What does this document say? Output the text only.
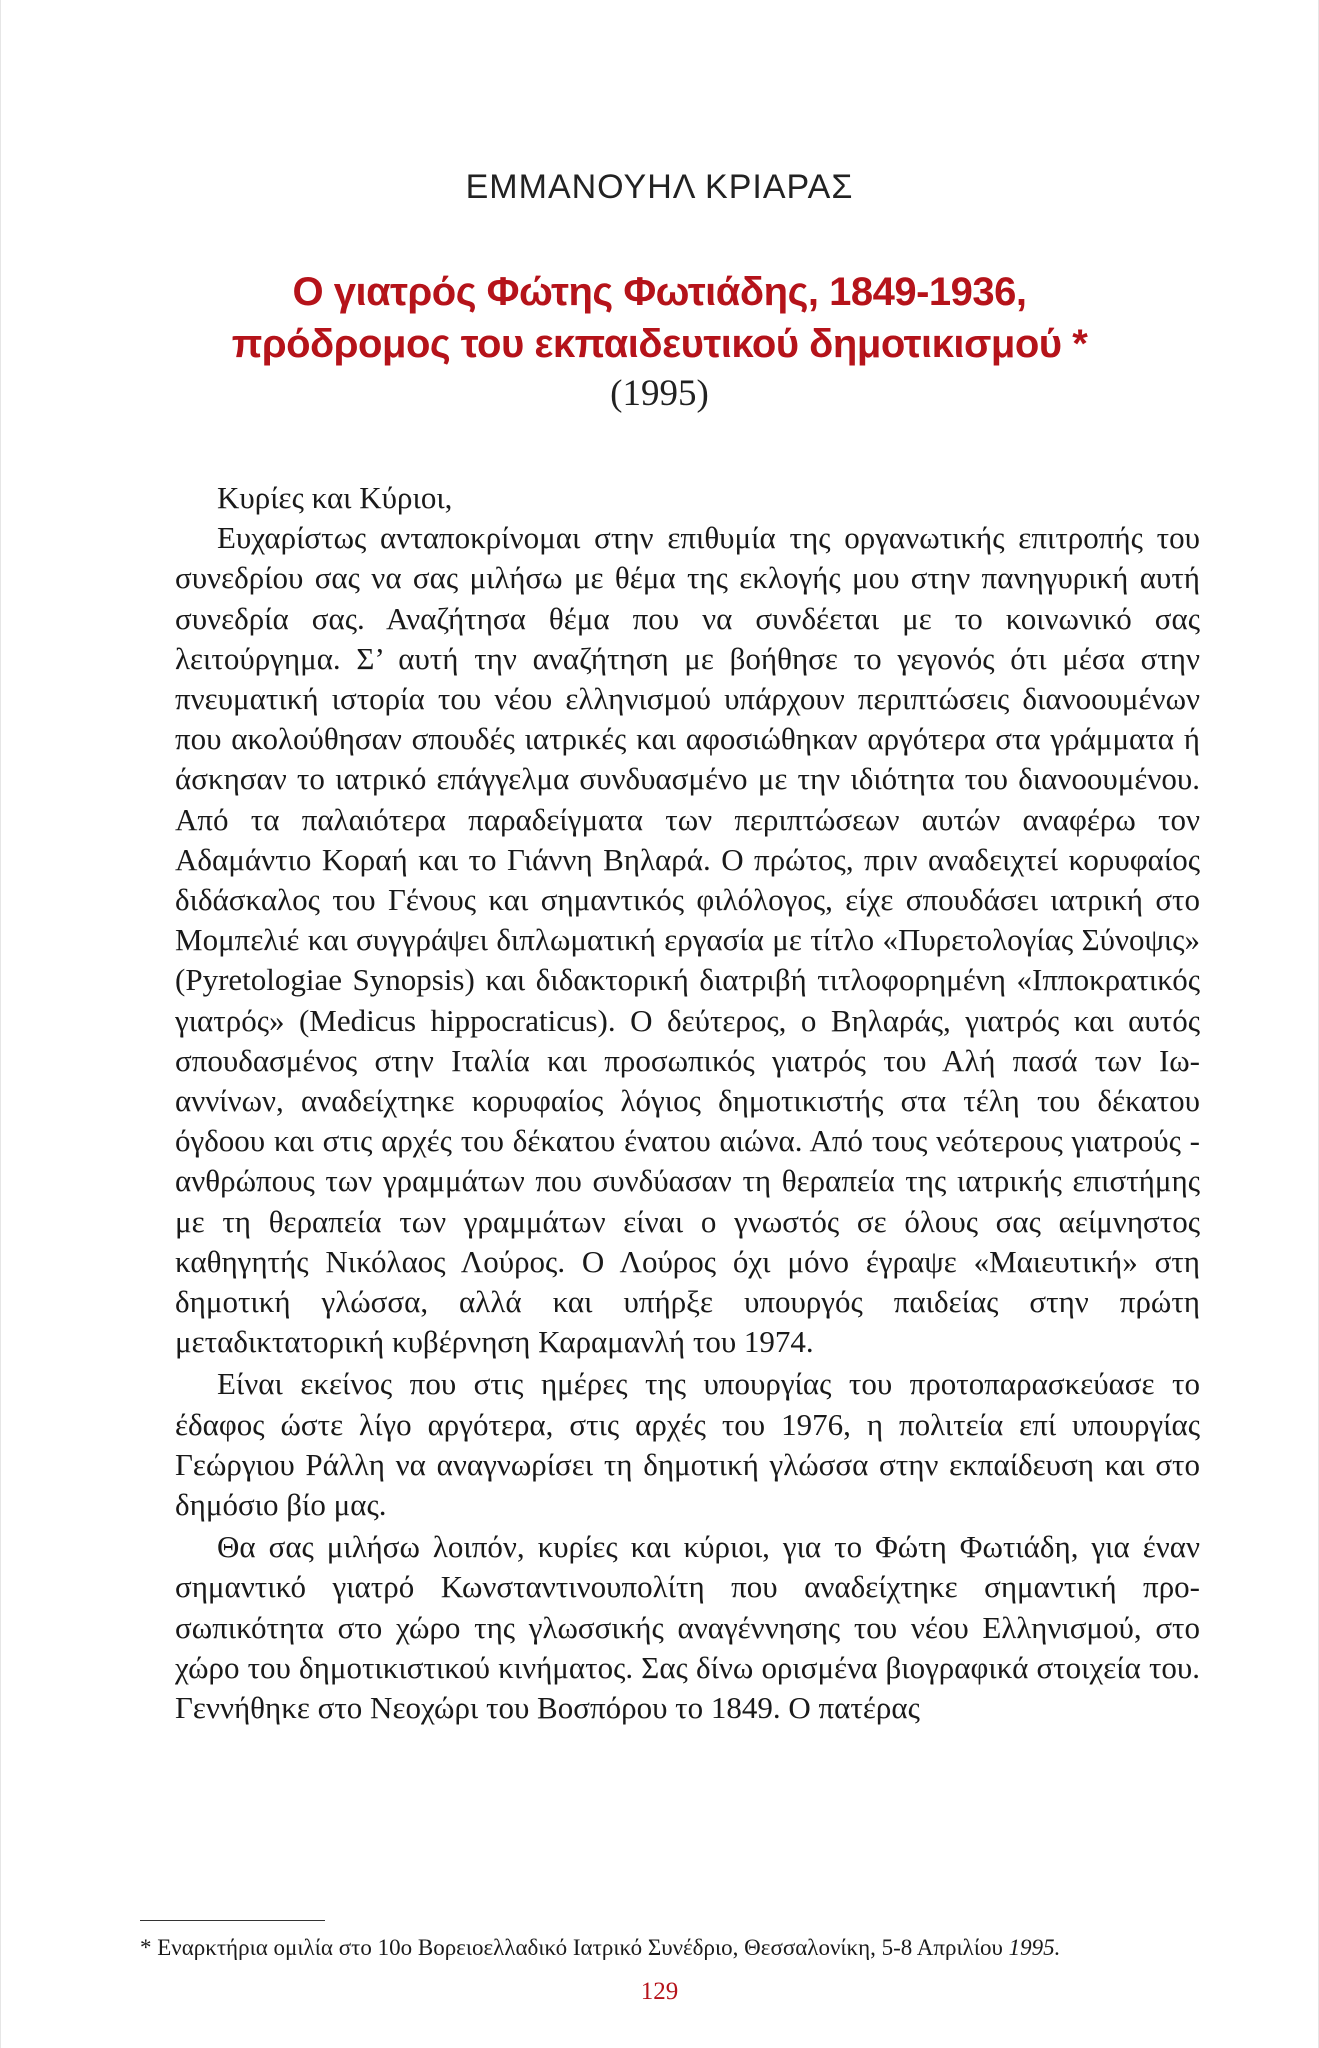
ΕΜΜΑΝΟΥΗΛ ΚΡΙΑΡΑΣ
Ο γιατρός Φώτης Φωτιάδης, 1849-1936,
πρόδρομος του εκπαιδευτικού δημοτικισμού *
(1995)

Κυρίες και Κύριοι,

Ευχαρίστως ανταποκρίνομαι στην επιθυμία της οργανωτικής επιτροπής του συνεδρίου σας να σας μιλήσω με θέμα της εκλογής μου στην πανηγυρική αυτή συνεδρία σας. Αναζήτησα θέμα που να συνδέεται με το κοινωνικό σας λειτούργημα. Σ’ αυτή την αναζήτηση με βοήθησε το γεγονός ότι μέσα στην πνευματική ιστορία του νέου ελληνισμού υπάρχουν περιπτώσεις διανοουμένων που ακολούθησαν σπουδές ιατρικές και αφοσιώθηκαν αργότερα στα γράμματα ή άσκησαν το ιατρικό επάγγελμα συνδυασμένο με την ιδιότητα του διανοουμένου. Από τα παλαιότερα παραδείγματα των περιπτώσεων αυτών αναφέρω τον Αδαμάντιο Κοραή και το Γιάννη Βηλαρά. Ο πρώτος, πριν αναδειχτεί κορυφαίος διδάσκαλος του Γένους και σημαντικός φιλόλογος, είχε σπουδάσει ιατρική στο Μομπελιέ και συγγράψει διπλωματική εργασία με τίτλο «Πυρετολογίας Σύνοψις» (Pyretologiae Synopsis) και διδακτορική διατριβή τιτλοφορημένη «Ιπποκρατικός γιατρός» (Medicus hippocraticus). Ο δεύτερος, ο Βηλαράς, γιατρός και αυτός σπουδασμένος στην Ιταλία και προσωπικός γιατρός του Αλή πασά των Ιωαννίνων, αναδείχτηκε κορυφαίος λόγιος δημοτικιστής στα τέλη του δέκατου όγδοου και στις αρχές του δέκατου ένατου αιώνα. Από τους νεότερους γιατρούς - ανθρώπους των γραμμάτων που συνδύασαν τη θεραπεία της ιατρικής επιστήμης με τη θεραπεία των γραμμάτων είναι ο γνωστός σε όλους σας αείμνηστος καθηγητής Νικόλαος Λούρος. Ο Λούρος όχι μόνο έγραψε «Μαιευτική» στη δημοτική γλώσσα, αλλά και υπήρξε υπουργός παιδείας στην πρώτη μεταδικτατορική κυβέρνηση Καραμανλή του 1974.

Είναι εκείνος που στις ημέρες της υπουργίας του προτοπαρασκεύασε το έδαφος ώστε λίγο αργότερα, στις αρχές του 1976, η πολιτεία επί υπουργίας Γεώργιου Ράλλη να αναγνωρίσει τη δημοτική γλώσσα στην εκπαίδευση και στο δημόσιο βίο μας.

Θα σας μιλήσω λοιπόν, κυρίες και κύριοι, για το Φώτη Φωτιάδη, για έναν σημαντικό γιατρό Κωνσταντινουπολίτη που αναδείχτηκε σημαντική προσωπικότητα στο χώρο της γλωσσικής αναγέννησης του νέου Ελληνισμού, στο χώρο του δημοτικιστικού κινήματος. Σας δίνω ορισμένα βιογραφικά στοιχεία του. Γεννήθηκε στο Νεοχώρι του Βοσπόρου το 1849. Ο πατέρας

* Εναρκτήρια ομιλία στο 10ο Βορειοελλαδικό Ιατρικό Συνέδριο, Θεσσαλονίκη, 5-8 Απριλίου 1995.
129
